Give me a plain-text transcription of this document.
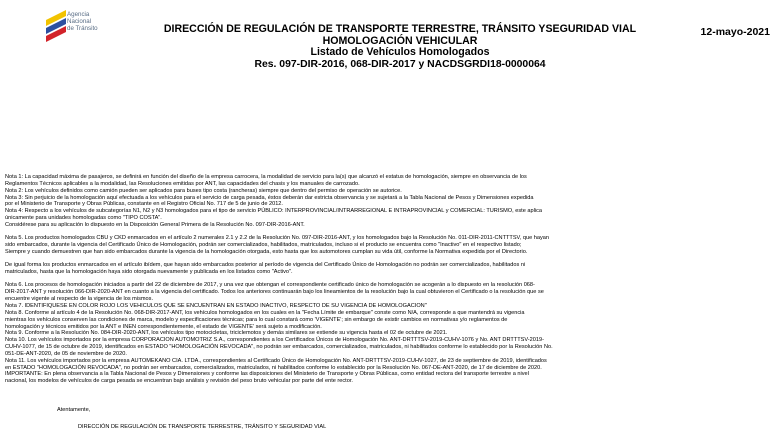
Agencia
Nacional
de Tránsito	12-mayo-2021
DIRECCIÓN DE REGULACIÓN DE TRANSPORTE TERRESTRE, TRÁNSITO YSEGURIDAD VIAL
HOMOLOGACIÓN VEHICULAR
Listado de Vehículos Homologados
Res. 097-DIR-2016, 068-DIR-2017 y NACDSGRDI18-0000064

Nota 1: La capacidad máxima de pasajeros, se definirá en función del diseño de la empresa carrocera, la modalidad de servicio para la(s) que alcanzó el estatus de homologación, siempre en observancia de los

Reglamentos Técnicos aplicables a la modalidad, las Resoluciones emitidas por ANT, las capacidades del chasis y los manuales de carrozado.

Nota 2: Los vehículos definidos como camión pueden ser aplicados para buses tipo costa (rancheras) siempre que dentro del permiso de operación se autorice.

Nota 3: Sin perjuicio de la homologación aquí efectuada a los vehículos para el servicio de carga pesada, éstos deberán dar estricta observancia y se sujetará a la Tabla Nacional de Pesos y Dimensiones expedida

por el Ministerio de Transporte y Obras Públicas, constante en el Registro Oficial No. 717 de 5 de junio de 2012.

Nota 4: Respecto a los vehículos de subcategorías N1, N2 y N3 homologados para el tipo de servicio PÚBLICO: INTERPROVINCIAL/INTRARREGIONAL E INTRAPROVINCIAL y COMERCIAL: TURISMO, este aplica

únicamente para unidades homologadas como "TIPO COSTA".

Considérese para su aplicación lo dispuesto en la Disposición General Primera de la Resolución No. 097-DIR-2016-ANT.

Nota 5. Los productos homologados CBU y CKD enmarcados en el artículo 2 numerales 2.1 y 2.2 de la Resolución No. 097-DIR-2016-ANT, y los homologados bajo la Resolución No. 011-DIR-2011-CNTTTSV, que hayan

sido embarcados, durante la vigencia del Certificado Único de Homologación, podrán ser comercializados, habilitados, matriculados, incluso si el producto se encuentra como "Inactivo" en el respectivo listado;

Siempre y cuando demuestren que han sido embarcados durante la vigencia de la homologación otorgada, esto hasta que los automotores cumplan su vida útil, conforme la Normativa expedida por el Directorio.

De igual forma los productos enmarcados en el artículo ibídem, que hayan sido embarcados posterior al período de vigencia del Certificado Único de Homologación no podrán ser comercializados, habilitados ni

matriculados, hasta que la homologación haya sido otorgada nuevamente y publicada en los listados como "Activo".

Nota 6. Los procesos de homologación iniciados a partir del 22 de diciembre de 2017, y una vez que obtengan el correspondiente certificado único de homologación se acogerán a lo dispuesto en la resolución 068-

DIR-2017-ANT y resolución 066-DIR-2020-ANT en cuanto a la vigencia del certificado. Todos los anteriores continuarán bajo los lineamientos de la resolución bajo la cual obtuvieron el Certificado o la resolución que se

encuentre vigente al respecto de la vigencia de los mismos.

Nota 7. IDENTIFIQUESE EN COLOR ROJO LOS VEHICULOS QUE SE ENCUENTRAN EN ESTADO INACTIVO, RESPECTO DE SU VIGENCIA DE HOMOLOGACION"

Nota 8. Conforme al artículo 4 de la Resolución No. 068-DIR-2017-ANT, los vehículos homologados en los cuales en la "Fecha Límite de embarque" conste como N/A, corresponde a que mantendrá su vigencia

mientras los vehículos conserven las condiciones de marca, modelo y especificaciones técnicas; para lo cual constará como 'VIGENTE'; sin embargo de existir cambios en normativas y/o reglamentos de

homologación y técnicos emitidos por la ANT e INEN correspondientemente, el estado de VIGENTE' será sujeto a modificación.

Nota 9. Conforme a la Resolución No. 084-DIR-2020-ANT, los vehículos tipo motocicletas, triciclemotos y demás similares se extiende su vigencia hasta el 02 de octubre de 2021.

Nota 10. Los vehículos importados por la empresa CORPORACION AUTOMOTRIZ S.A., correspondientes a los Certificados Únicos de Homologación No. ANT-DRTTTSV-2019-CUHV-1076 y No. ANT DRTTTSV-2019-

CUHV-1077, de 15 de octubre de 2019, identificados en ESTADO "HOMOLOGACIÓN REVOCADA", no podrán ser embarcados, comercializados, matriculados, ni habilitados conforme lo establecido por la Resolución No.

051-DE-ANT-2020, de 05 de noviembre de 2020.

Nota 11. Los vehículos importados por la empresa AUTOMEKANO CIA. LTDA., correspondientes al Certificado Único de Homologación No. ANT-DRTTTSV-2019-CUHV-1027, de 23 de septiembre de 2019, identificados

en ESTADO "HOMOLOGACIÓN REVOCADA", no podrán ser embarcados, comercializados, matriculados, ni habilitados conforme lo establecido por la Resolución No. 067-DE-ANT-2020, de 17 de diciembre de 2020.

IMPORTANTE: En plena observancia a la Tabla Nacional de Pesos y Dimensiones y conforme las disposiciones del Ministerio de Transporte y Obras Públicas, como entidad rectora del transporte terrestre a nivel

nacional, los modelos de vehículos de carga pesada se encuentran bajo análisis y revisión del peso bruto vehicular por parte del ente rector.

Atentamente,
DIRECCIÓN DE REGULACIÓN DE TRANSPORTE TERRESTRE, TRÁNSITO Y SEGURIDAD VIAL
